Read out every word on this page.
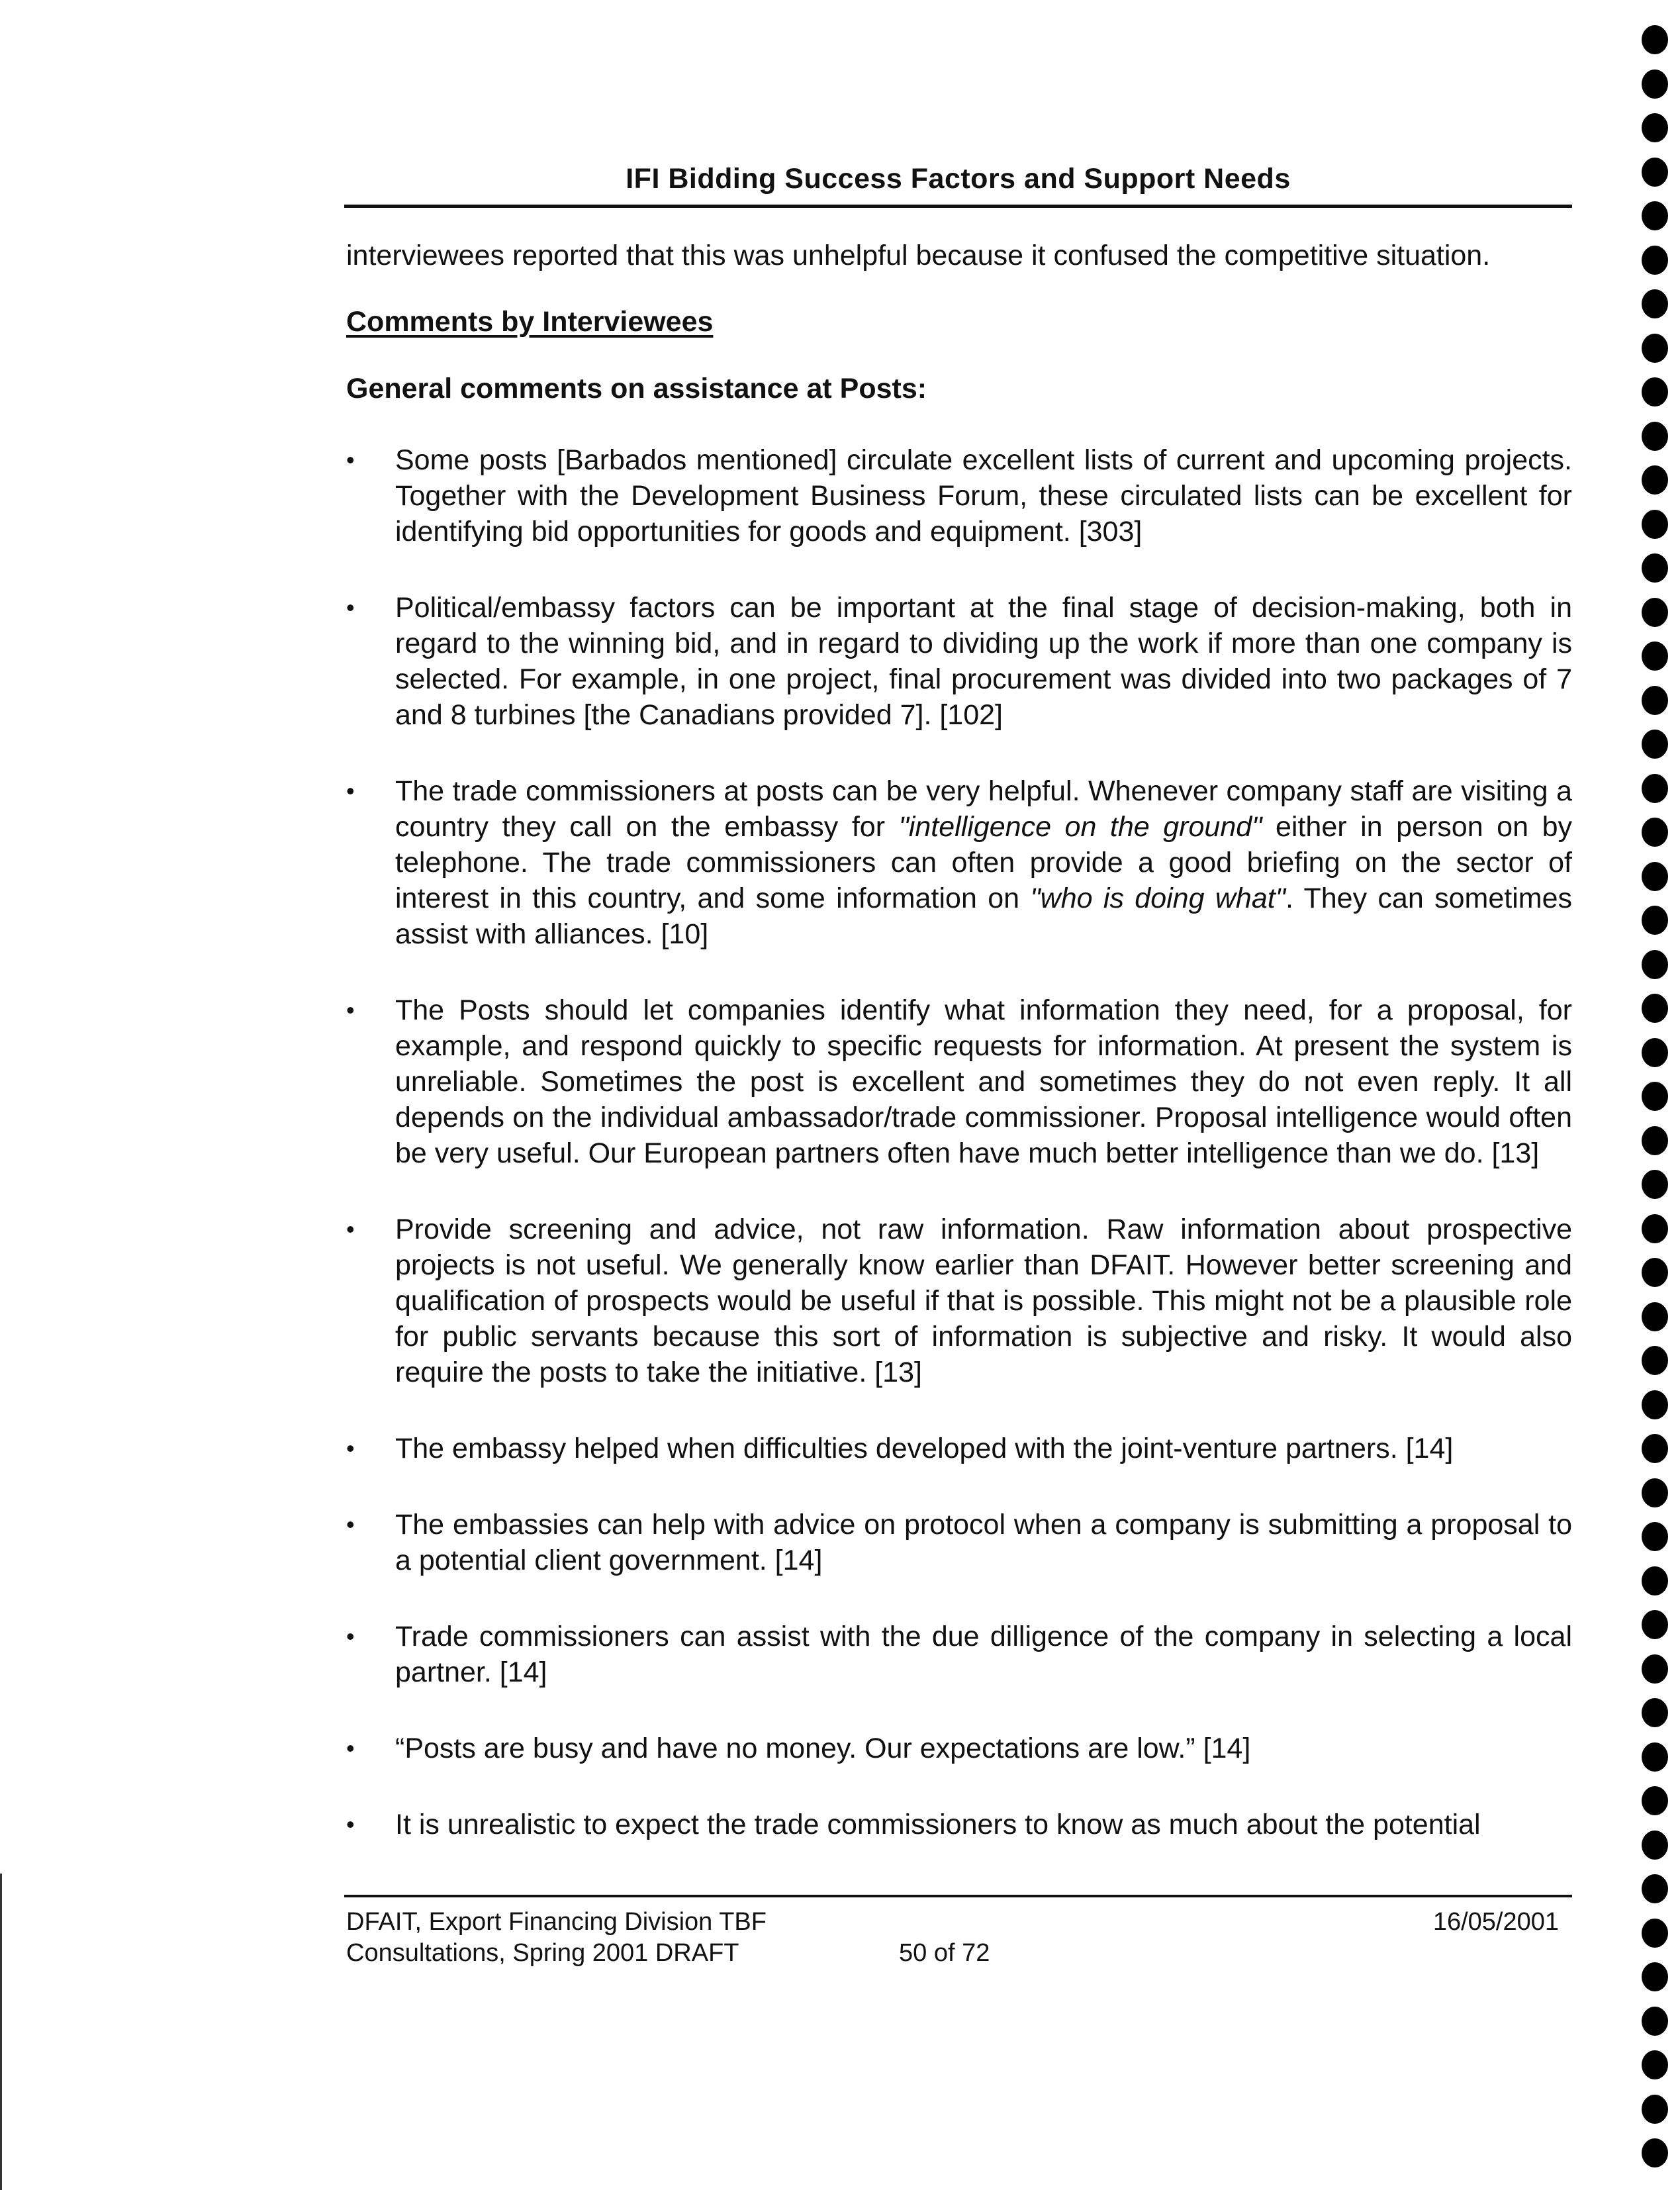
IFI Bidding Success Factors and Support Needs
interviewees reported that this was unhelpful because it confused the competitive situation.
Comments by Interviewees
General comments on assistance at Posts:
•	Some posts [Barbados mentioned] circulate excellent lists of current and upcoming projects. Together with the Development Business Forum, these circulated lists can be excellent for identifying bid opportunities for goods and equipment. [303]
•	Political/embassy factors can be important at the final stage of decision-making, both in regard to the winning bid, and in regard to dividing up the work if more than one company is selected. For example, in one project, final procurement was divided into two packages of 7 and 8 turbines [the Canadians provided 7]. [102]
•	The trade commissioners at posts can be very helpful. Whenever company staff are visiting a country they call on the embassy for "intelligence on the ground" either in person on by telephone. The trade commissioners can often provide a good briefing on the sector of interest in this country, and some information on "who is doing what". They can sometimes assist with alliances. [10]
•	The Posts should let companies identify what information they need, for a proposal, for example, and respond quickly to specific requests for information. At present the system is unreliable. Sometimes the post is excellent and sometimes they do not even reply. It all depends on the individual ambassador/trade commissioner. Proposal intelligence would often be very useful. Our European partners often have much better intelligence than we do. [13]
•	Provide screening and advice, not raw information. Raw information about prospective projects is not useful. We generally know earlier than DFAIT. However better screening and qualification of prospects would be useful if that is possible. This might not be a plausible role for public servants because this sort of information is subjective and risky. It would also require the posts to take the initiative. [13]
•	The embassy helped when difficulties developed with the joint-venture partners. [14]
•	The embassies can help with advice on protocol when a company is submitting a proposal to a potential client government. [14]
•	Trade commissioners can assist with the due dilligence of the company in selecting a local partner. [14]
•	“Posts are busy and have no money. Our expectations are low.” [14]
•	It is unrealistic to expect the trade commissioners to know as much about the potential
DFAIT, Export Financing Division TBF
Consultations, Spring 2001 DRAFT	50 of 72
16/05/2001
